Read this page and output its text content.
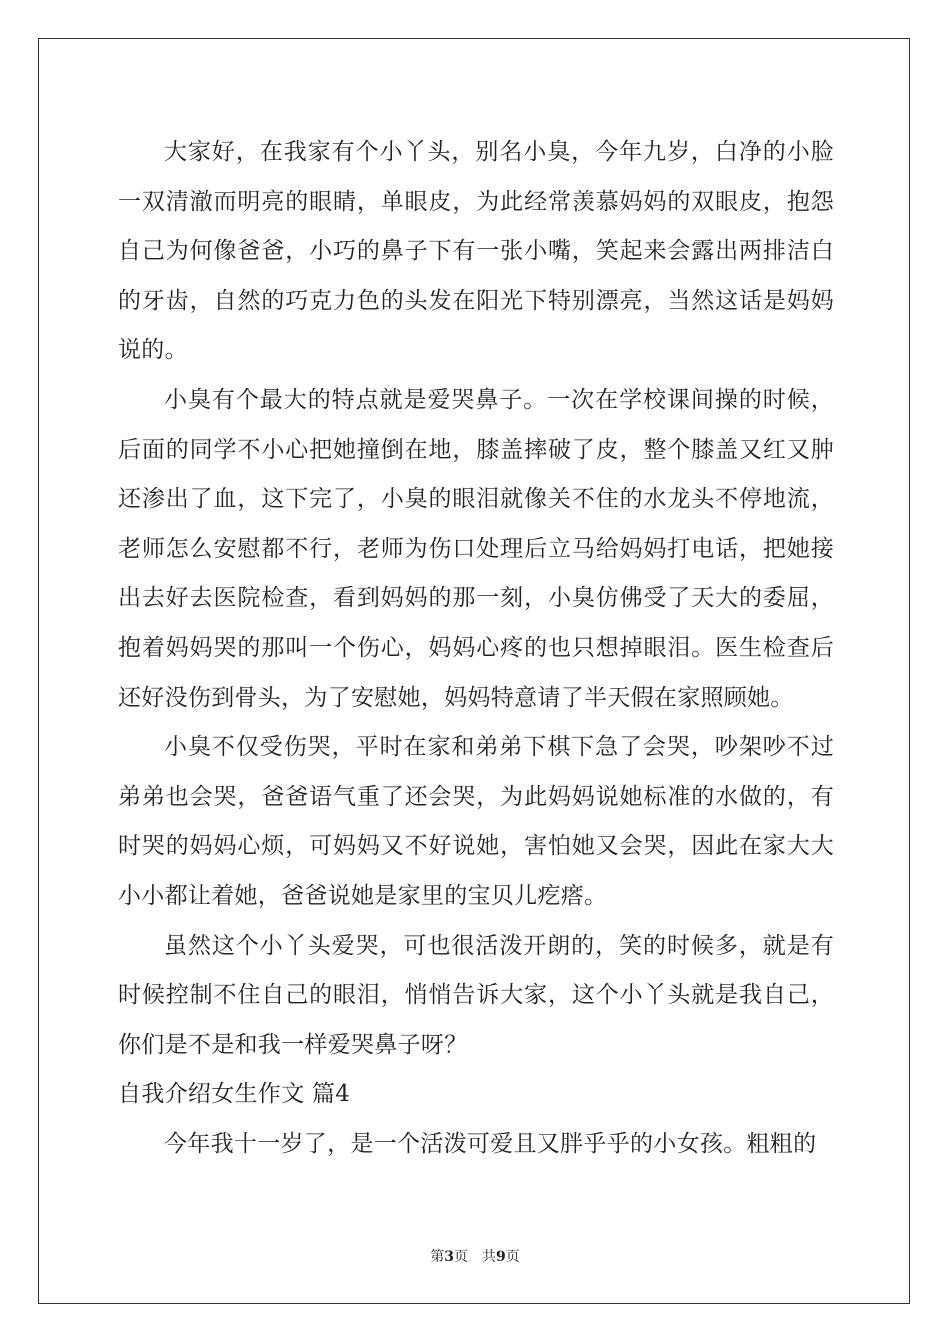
大家好，在我家有个小丫头，别名小臭，今年九岁，白净的小脸一双清澈而明亮的眼睛，单眼皮，为此经常羡慕妈妈的双眼皮，抱怨自己为何像爸爸，小巧的鼻子下有一张小嘴，笑起来会露出两排洁白的牙齿，自然的巧克力色的头发在阳光下特别漂亮，当然这话是妈妈说的。

小臭有个最大的特点就是爱哭鼻子。一次在学校课间操的时候，后面的同学不小心把她撞倒在地，膝盖摔破了皮，整个膝盖又红又肿还渗出了血，这下完了，小臭的眼泪就像关不住的水龙头不停地流，老师怎么安慰都不行，老师为伤口处理后立马给妈妈打电话，把她接出去好去医院检查，看到妈妈的那一刻，小臭仿佛受了天大的委屈，抱着妈妈哭的那叫一个伤心，妈妈心疼的也只想掉眼泪。医生检查后还好没伤到骨头，为了安慰她，妈妈特意请了半天假在家照顾她。

小臭不仅受伤哭，平时在家和弟弟下棋下急了会哭，吵架吵不过弟弟也会哭，爸爸语气重了还会哭，为此妈妈说她标准的水做的，有时哭的妈妈心烦，可妈妈又不好说她，害怕她又会哭，因此在家大大小小都让着她，爸爸说她是家里的宝贝儿疙瘩。

虽然这个小丫头爱哭，可也很活泼开朗的，笑的时候多，就是有时候控制不住自己的眼泪，悄悄告诉大家，这个小丫头就是我自己，你们是不是和我一样爱哭鼻子呀？

自我介绍女生作文 篇4

今年我十一岁了，是一个活泼可爱且又胖乎乎的小女孩。粗粗的

第3页　共9页
